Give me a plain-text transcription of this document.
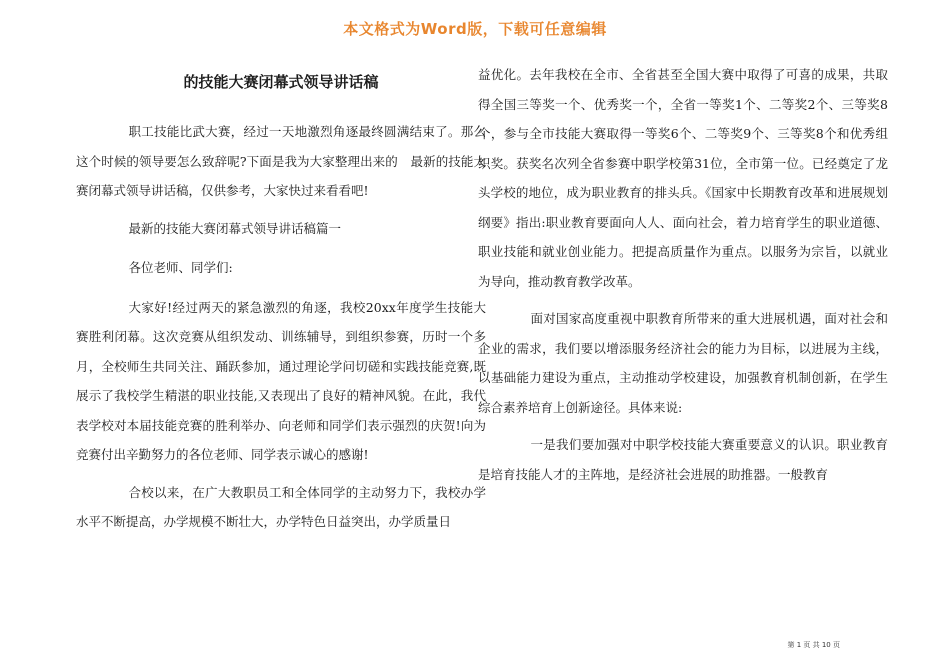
本文格式为Word版，下载可任意编辑
的技能大赛闭幕式领导讲话稿

职工技能比武大赛，经过一天地激烈角逐最终圆满结束了。那么这个时候的领导要怎么致辞呢?下面是我为大家整理出来的　最新的技能大赛闭幕式领导讲话稿，仅供参考，大家快过来看看吧!

最新的技能大赛闭幕式领导讲话稿篇一

各位老师、同学们:

大家好!经过两天的紧急激烈的角逐，我校20xx年度学生技能大赛胜利闭幕。这次竞赛从组织发动、训练辅导，到组织参赛，历时一个多月，全校师生共同关注、踊跃参加，通过理论学问切磋和实践技能竞赛,既展示了我校学生精湛的职业技能,又表现出了良好的精神风貌。在此，我代表学校对本届技能竞赛的胜利举办、向老师和同学们表示强烈的庆贺!向为竞赛付出辛勤努力的各位老师、同学表示诚心的感谢!

合校以来，在广大教职员工和全体同学的主动努力下，我校办学水平不断提高，办学规模不断壮大，办学特色日益突出，办学质量日

益优化。去年我校在全市、全省甚至全国大赛中取得了可喜的成果，共取得全国三等奖一个、优秀奖一个，全省一等奖1个、二等奖2个、三等奖8个，参与全市技能大赛取得一等奖6个、二等奖9个、三等奖8个和优秀组织奖。获奖名次列全省参赛中职学校第31位，全市第一位。已经奠定了龙头学校的地位，成为职业教育的排头兵。《国家中长期教育改革和进展规划纲要》指出:职业教育要面向人人、面向社会，着力培育学生的职业道德、职业技能和就业创业能力。把提高质量作为重点。以服务为宗旨，以就业为导向，推动教育教学改革。

面对国家高度重视中职教育所带来的重大进展机遇，面对社会和企业的需求，我们要以增添服务经济社会的能力为目标，以进展为主线，以基础能力建设为重点，主动推动学校建设，加强教育机制创新，在学生综合素养培育上创新途径。具体来说:

一是我们要加强对中职学校技能大赛重要意义的认识。职业教育是培育技能人才的主阵地，是经济社会进展的助推器。一般教育

第 1 页 共 10 页
